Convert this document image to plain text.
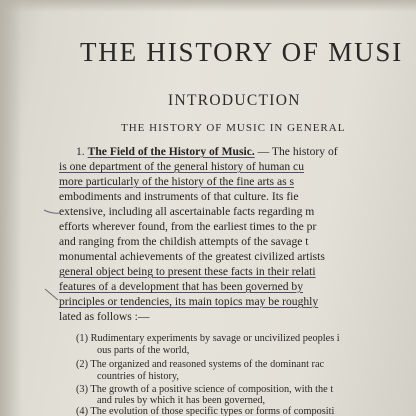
THE HISTORY OF MUSI
INTRODUCTION
THE HISTORY OF MUSIC IN GENERAL
1. The Field of the History of Music. — The history of
is one department of the general history of human cu
more particularly of the history of the fine arts as s
embodiments and instruments of that culture. Its fie
extensive, including all ascertainable facts regarding m
efforts wherever found, from the earliest times to the pr
and ranging from the childish attempts of the savage t
monumental achievements of the greatest civilized artists
general object being to present these facts in their relati
features of a development that has been governed by
principles or tendencies, its main topics may be roughly
lated as follows :—
(1) Rudimentary experiments by savage or uncivilized peoples i
ous parts of the world,
(2) The organized and reasoned systems of the dominant rac
countries of history,
(3) The growth of a positive science of composition, with the t
and rules by which it has been governed,
(4) The evolution of those specific types or forms of compositi
